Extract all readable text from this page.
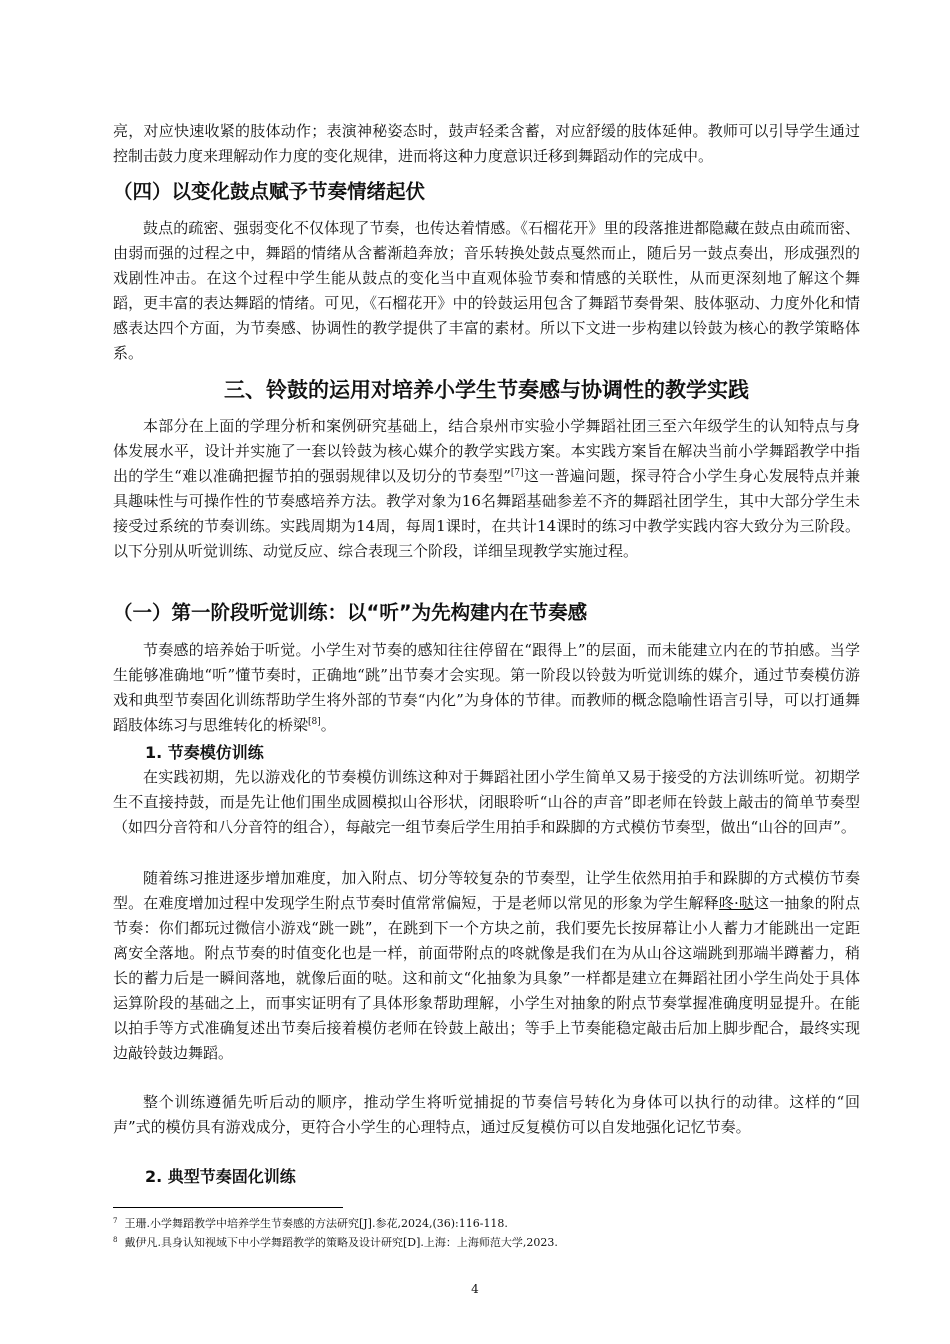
亮，对应快速收紧的肢体动作；表演神秘姿态时，鼓声轻柔含蓄，对应舒缓的肢体延伸。教师可以引导学生通过控制击鼓力度来理解动作力度的变化规律，进而将这种力度意识迁移到舞蹈动作的完成中。

（四）以变化鼓点赋予节奏情绪起伏

鼓点的疏密、强弱变化不仅体现了节奏，也传达着情感。《石榴花开》里的段落推进都隐藏在鼓点由疏而密、由弱而强的过程之中，舞蹈的情绪从含蓄渐趋奔放；音乐转换处鼓点戛然而止，随后另一鼓点奏出，形成强烈的戏剧性冲击。在这个过程中学生能从鼓点的变化当中直观体验节奏和情感的关联性，从而更深刻地了解这个舞蹈，更丰富的表达舞蹈的情绪。可见，《石榴花开》中的铃鼓运用包含了舞蹈节奏骨架、肢体驱动、力度外化和情感表达四个方面，为节奏感、协调性的教学提供了丰富的素材。所以下文进一步构建以铃鼓为核心的教学策略体系。

三、铃鼓的运用对培养小学生节奏感与协调性的教学实践

本部分在上面的学理分析和案例研究基础上，结合泉州市实验小学舞蹈社团三至六年级学生的认知特点与身体发展水平，设计并实施了一套以铃鼓为核心媒介的教学实践方案。本实践方案旨在解决当前小学舞蹈教学中指出的学生“难以准确把握节拍的强弱规律以及切分的节奏型”[7]这一普遍问题，探寻符合小学生身心发展特点并兼具趣味性与可操作性的节奏感培养方法。教学对象为16名舞蹈基础参差不齐的舞蹈社团学生，其中大部分学生未接受过系统的节奏训练。实践周期为14周，每周1课时，在共计14课时的练习中教学实践内容大致分为三阶段。以下分别从听觉训练、动觉反应、综合表现三个阶段，详细呈现教学实施过程。

（一）第一阶段听觉训练：以“听”为先构建内在节奏感

节奏感的培养始于听觉。小学生对节奏的感知往往停留在“跟得上”的层面，而未能建立内在的节拍感。当学生能够准确地“听”懂节奏时，正确地“跳”出节奏才会实现。第一阶段以铃鼓为听觉训练的媒介，通过节奏模仿游戏和典型节奏固化训练帮助学生将外部的节奏“内化”为身体的节律。而教师的概念隐喻性语言引导，可以打通舞蹈肢体练习与思维转化的桥梁[8]。

1. 节奏模仿训练

在实践初期，先以游戏化的节奏模仿训练这种对于舞蹈社团小学生简单又易于接受的方法训练听觉。初期学生不直接持鼓，而是先让他们围坐成圆模拟山谷形状，闭眼聆听“山谷的声音”即老师在铃鼓上敲击的简单节奏型（如四分音符和八分音符的组合），每敲完一组节奏后学生用拍手和跺脚的方式模仿节奏型，做出“山谷的回声”。

随着练习推进逐步增加难度，加入附点、切分等较复杂的节奏型，让学生依然用拍手和跺脚的方式模仿节奏型。在难度增加过程中发现学生附点节奏时值常常偏短，于是老师以常见的形象为学生解释咚·哒这一抽象的附点节奏：你们都玩过微信小游戏“跳一跳”，在跳到下一个方块之前，我们要先长按屏幕让小人蓄力才能跳出一定距离安全落地。附点节奏的时值变化也是一样，前面带附点的咚就像是我们在为从山谷这端跳到那端半蹲蓄力，稍长的蓄力后是一瞬间落地，就像后面的哒。这和前文“化抽象为具象”一样都是建立在舞蹈社团小学生尚处于具体运算阶段的基础之上，而事实证明有了具体形象帮助理解，小学生对抽象的附点节奏掌握准确度明显提升。在能以拍手等方式准确复述出节奏后接着模仿老师在铃鼓上敲出；等手上节奏能稳定敲击后加上脚步配合，最终实现边敲铃鼓边舞蹈。

整个训练遵循先听后动的顺序，推动学生将听觉捕捉的节奏信号转化为身体可以执行的动律。这样的“回声”式的模仿具有游戏成分，更符合小学生的心理特点，通过反复模仿可以自发地强化记忆节奏。

2. 典型节奏固化训练

$^7$ 王珊.小学舞蹈教学中培养学生节奏感的方法研究[J].参花,2024,(36):116-118.

$^8$ 戴伊凡.具身认知视域下中小学舞蹈教学的策略及设计研究[D].上海：上海师范大学,2023.

4
